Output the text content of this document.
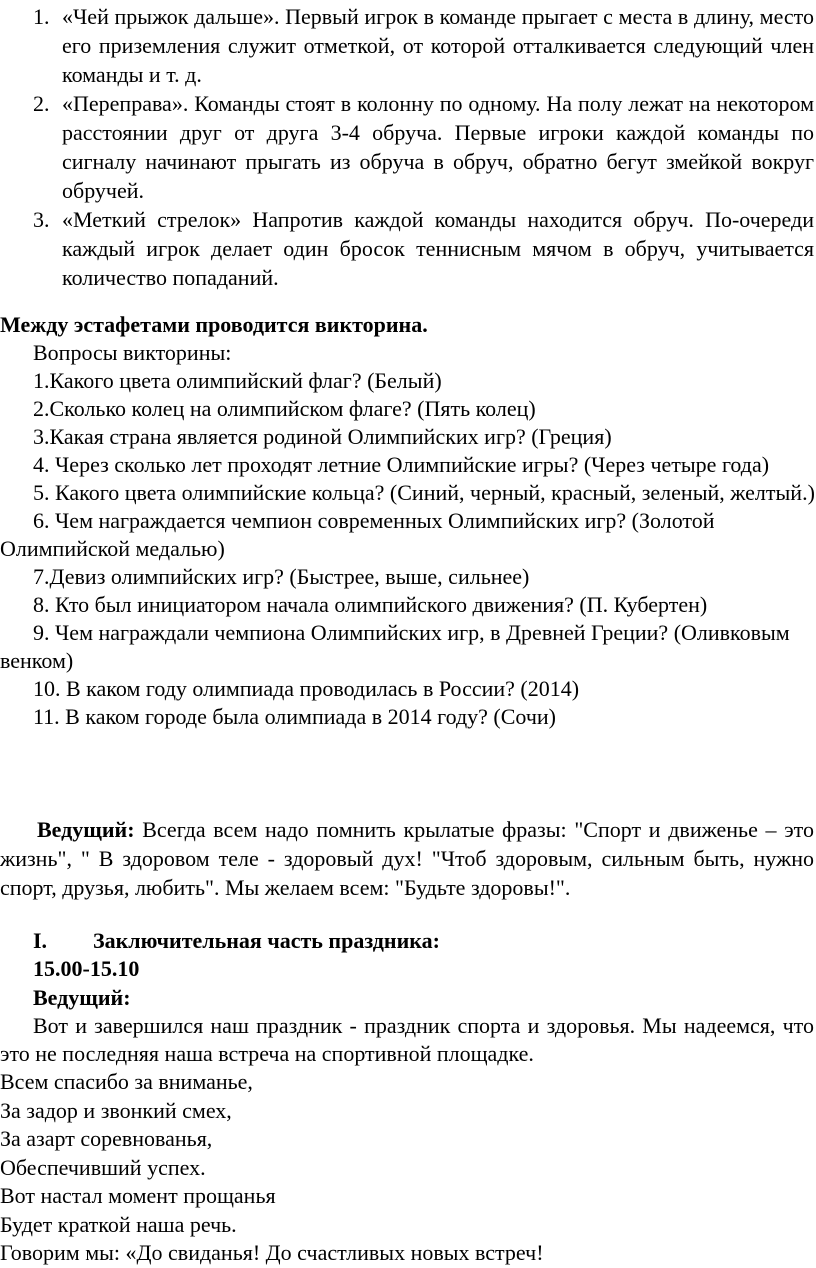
1. «Чей прыжок дальше». Первый игрок в команде прыгает с места в длину, место его приземления служит отметкой, от которой отталкивается следующий член команды и т. д.
2. «Переправа». Команды стоят в колонну по одному. На полу лежат на некотором расстоянии друг от друга 3-4 обруча. Первые игроки каждой команды по сигналу начинают прыгать из обруча в обруч, обратно бегут змейкой вокруг обручей.
3. «Меткий стрелок» Напротив каждой команды находится обруч. По-очереди каждый игрок делает один бросок теннисным мячом в обруч, учитывается количество попаданий.
Между эстафетами проводится викторина.
Вопросы викторины:
1.Какого цвета олимпийский флаг? (Белый)
2.Сколько колец на олимпийском флаге? (Пять колец)
3.Какая страна является родиной Олимпийских игр? (Греция)
4. Через сколько лет проходят летние Олимпийские игры? (Через четыре года)
5. Какого цвета олимпийские кольца? (Синий, черный, красный, зеленый, желтый.)
6. Чем награждается чемпион современных Олимпийских игр? (Золотой Олимпийской медалью)
7.Девиз олимпийских игр? (Быстрее, выше, сильнее)
8. Кто был инициатором начала олимпийского движения? (П. Кубертен)
9. Чем награждали чемпиона Олимпийских игр, в Древней Греции? (Оливковым венком)
10. В каком году олимпиада проводилась в России? (2014)
11. В каком городе была олимпиада в 2014 году? (Сочи)
Ведущий: Всегда всем надо помнить крылатые фразы: "Спорт и движенье – это жизнь", " В здоровом теле - здоровый дух! "Чтоб здоровым, сильным быть, нужно спорт, друзья, любить". Мы желаем всем: "Будьте здоровы!".
I. Заключительная часть праздника:
15.00-15.10
Ведущий:
Вот и завершился наш праздник - праздник спорта и здоровья. Мы надеемся, что это не последняя наша встреча на спортивной площадке.
Всем спасибо за вниманье,
За задор и звонкий смех,
За азарт соревнованья,
Обеспечивший успех.
Вот настал момент прощанья
Будет краткой наша речь.
Говорим мы: «До свиданья! До счастливых новых встреч!
